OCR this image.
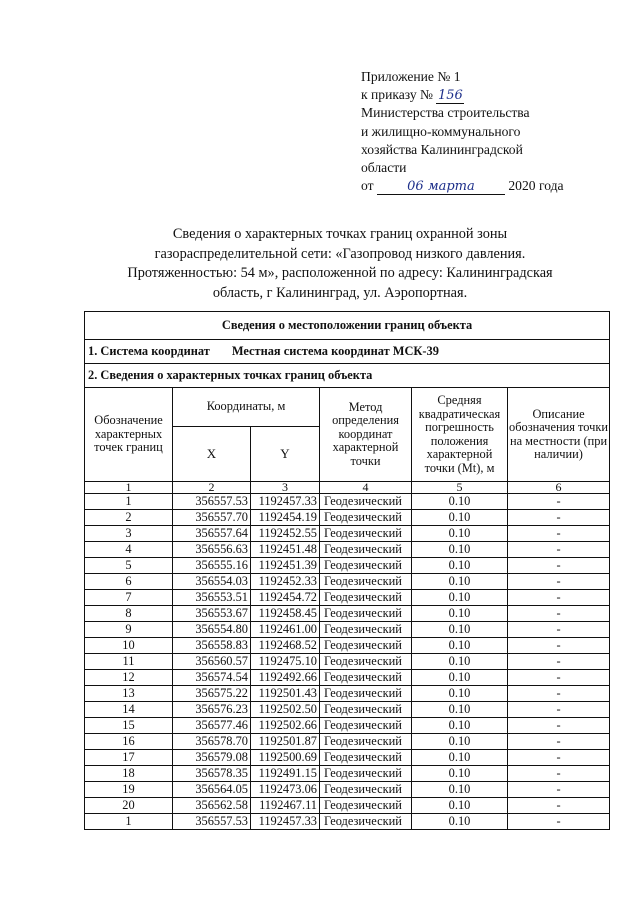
Приложение № 1
к приказу № 156
Министерства строительства
и жилищно-коммунального
хозяйства Калининградской
области
от	06 марта 2020 года
Сведения о характерных точках границ охранной зоны
газораспределительной сети: «Газопровод низкого давления.
Протяженностью: 54 м», расположенной по адресу: Калининградская
область, г Калининград, ул. Аэропортная.
Сведения о местоположении границ объекта					
1. Система координат Местная система координат МСК-39					
2. Сведения о характерных точках границ объекта					
Обозначение характерных точек границ	Координаты, м		Метод определения координат характерной точки	Средняя квадратическая погрешность положения характерной точки (Mt), м	Описание обозначения точки на местности (при наличии)
	X	Y			
1	2	3	4	5	6
1	356557.53	1192457.33	Геодезический	0.10	-
2	356557.70	1192454.19	Геодезический	0.10	-
3	356557.64	1192452.55	Геодезический	0.10	-
4	356556.63	1192451.48	Геодезический	0.10	-
5	356555.16	1192451.39	Геодезический	0.10	-
6	356554.03	1192452.33	Геодезический	0.10	-
7	356553.51	1192454.72	Геодезический	0.10	-
8	356553.67	1192458.45	Геодезический	0.10	-
9	356554.80	1192461.00	Геодезический	0.10	-
10	356558.83	1192468.52	Геодезический	0.10	-
11	356560.57	1192475.10	Геодезический	0.10	-
12	356574.54	1192492.66	Геодезический	0.10	-
13	356575.22	1192501.43	Геодезический	0.10	-
14	356576.23	1192502.50	Геодезический	0.10	-
15	356577.46	1192502.66	Геодезический	0.10	-
16	356578.70	1192501.87	Геодезический	0.10	-
17	356579.08	1192500.69	Геодезический	0.10	-
18	356578.35	1192491.15	Геодезический	0.10	-
19	356564.05	1192473.06	Геодезический	0.10	-
20	356562.58	1192467.11	Геодезический	0.10	-
1	356557.53	1192457.33	Геодезический	0.10	-
